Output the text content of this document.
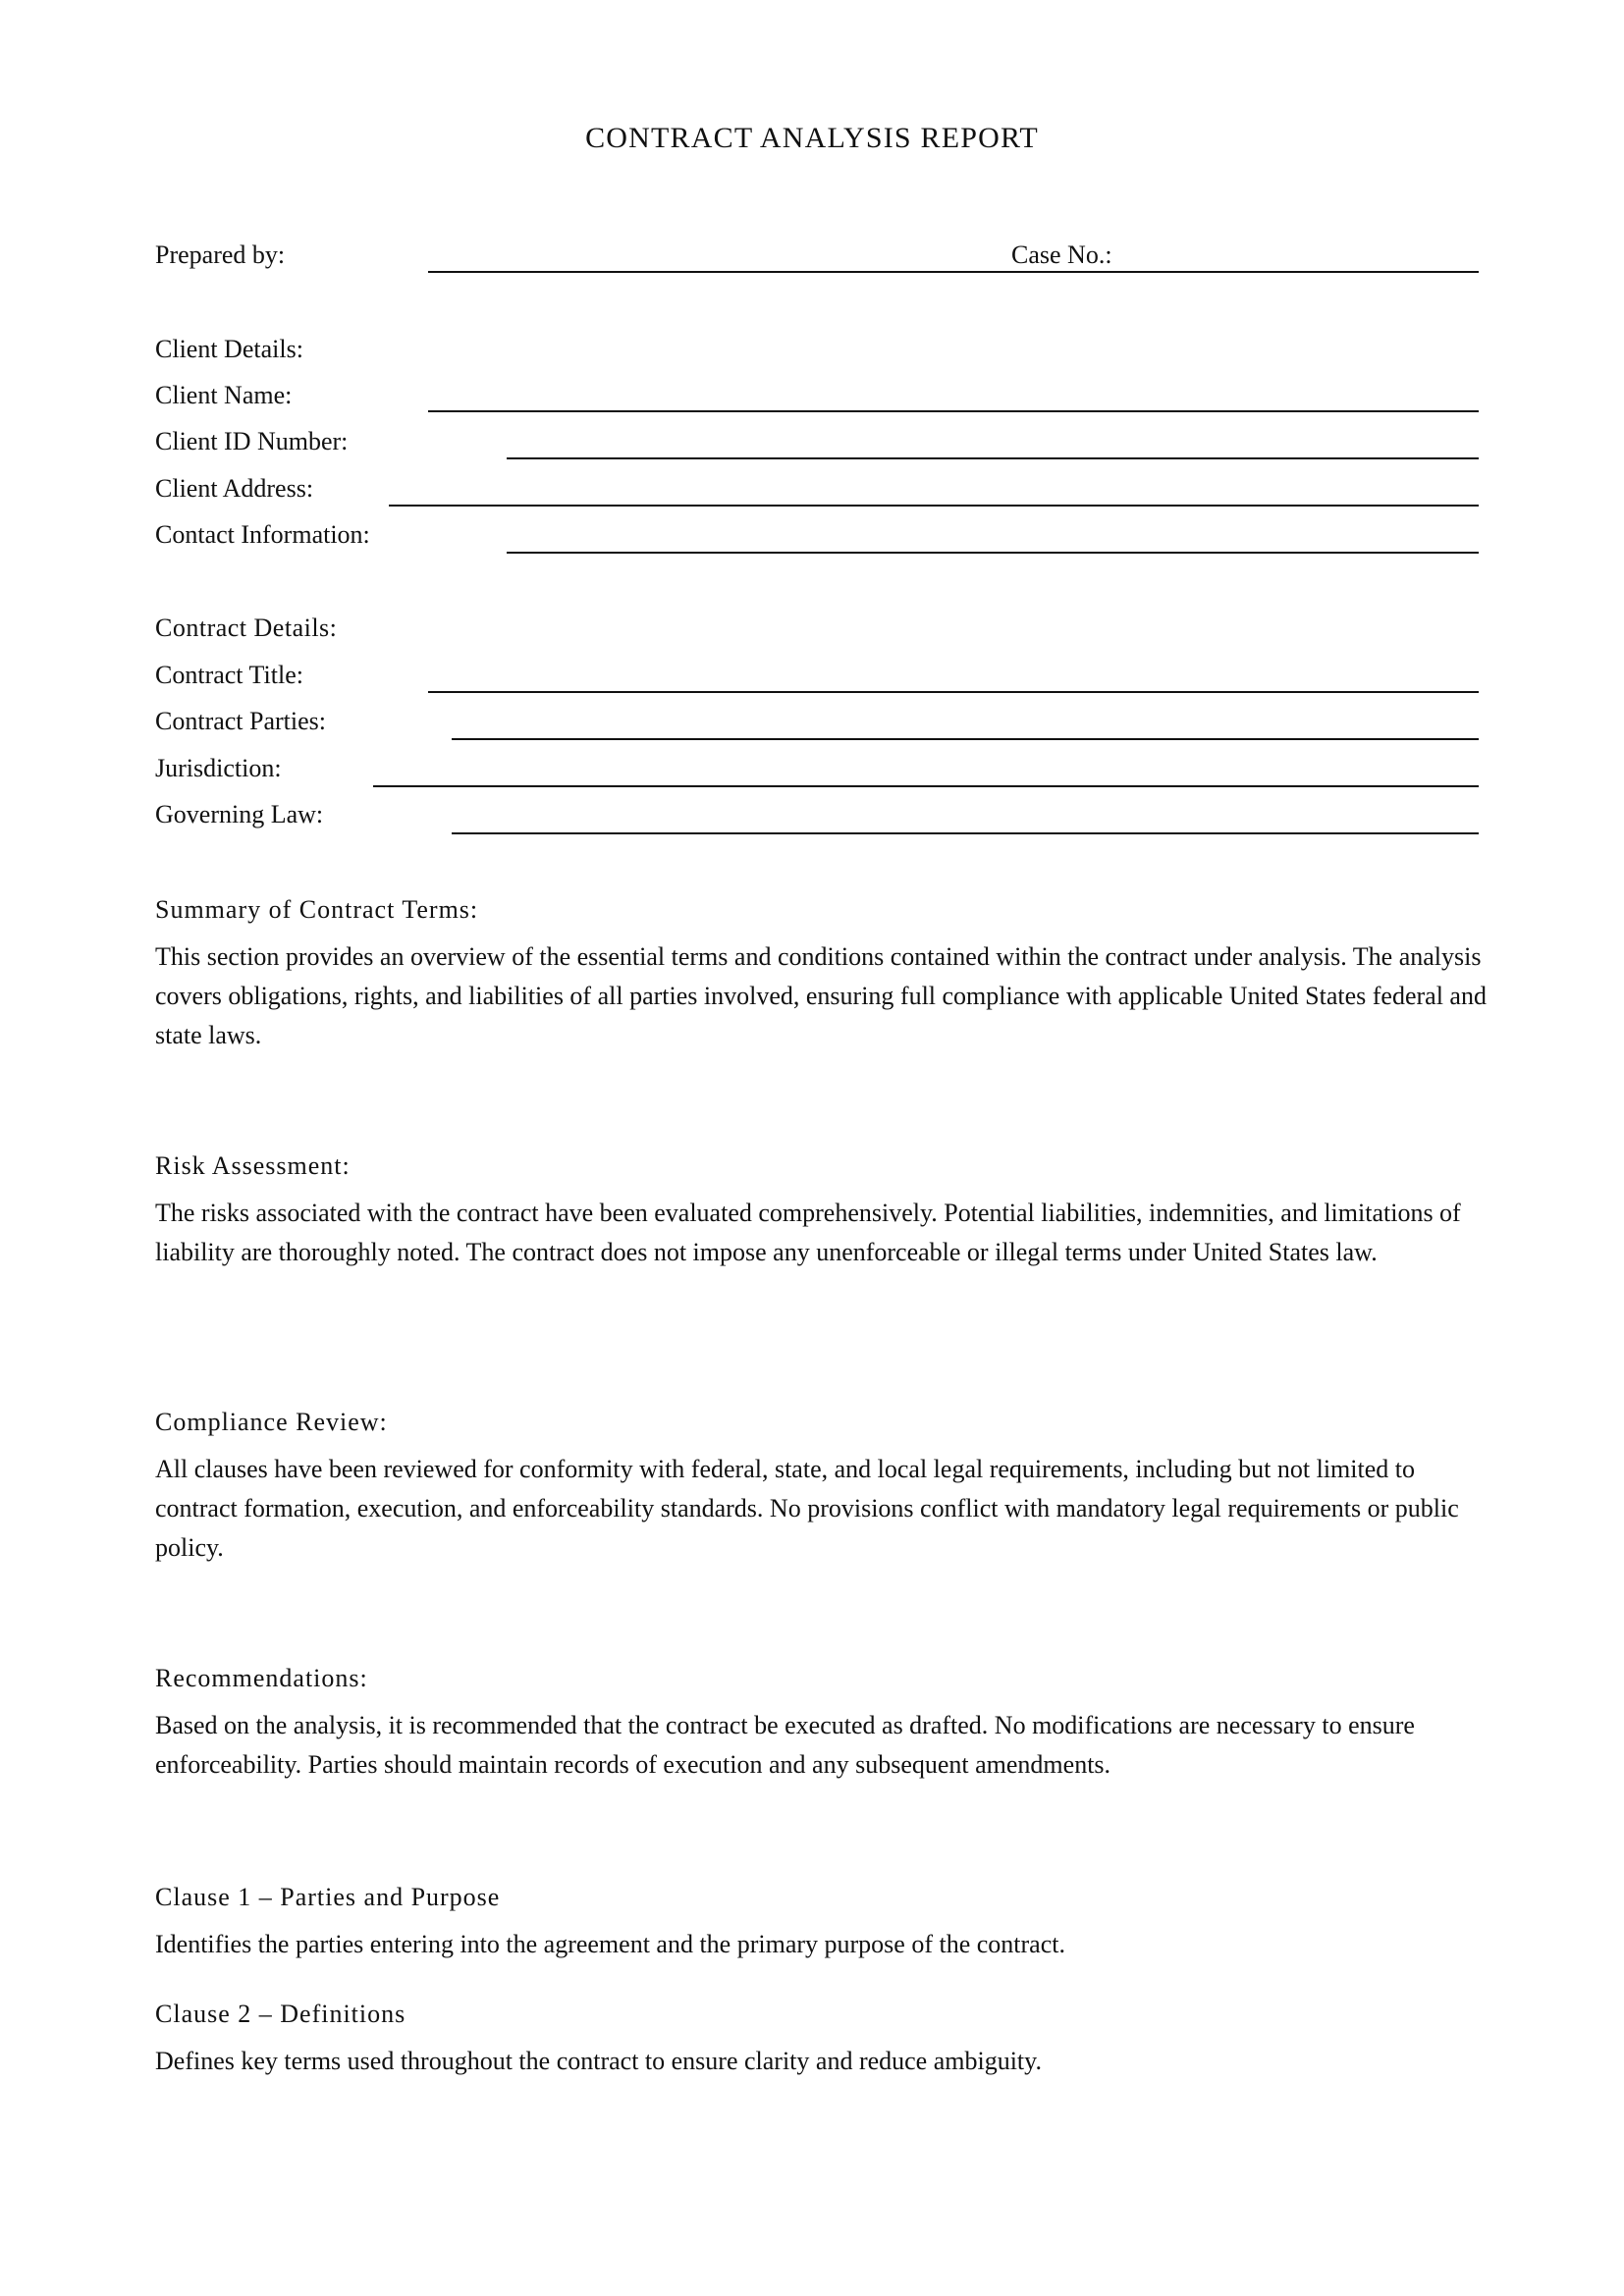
CONTRACT ANALYSIS REPORT
Prepared by:	Case No.:
Client Details:
Client Name:
Client ID Number:
Client Address:
Contact Information:
Contract Details:
Contract Title:
Contract Parties:
Jurisdiction:
Governing Law:
Summary of Contract Terms:

This section provides an overview of the essential terms and conditions contained within the contract under analysis. The analysis covers obligations, rights, and liabilities of all parties involved, ensuring full compliance with applicable United States federal and state laws.

Risk Assessment:

The risks associated with the contract have been evaluated comprehensively. Potential liabilities, indemnities, and limitations of liability are thoroughly noted. The contract does not impose any unenforceable or illegal terms under United States law.

Compliance Review:

All clauses have been reviewed for conformity with federal, state, and local legal requirements, including but not limited to contract formation, execution, and enforceability standards. No provisions conflict with mandatory legal requirements or public policy.

Recommendations:

Based on the analysis, it is recommended that the contract be executed as drafted. No modifications are necessary to ensure enforceability. Parties should maintain records of execution and any subsequent amendments.

Clause 1 – Parties and Purpose

Identifies the parties entering into the agreement and the primary purpose of the contract.

Clause 2 – Definitions

Defines key terms used throughout the contract to ensure clarity and reduce ambiguity.
